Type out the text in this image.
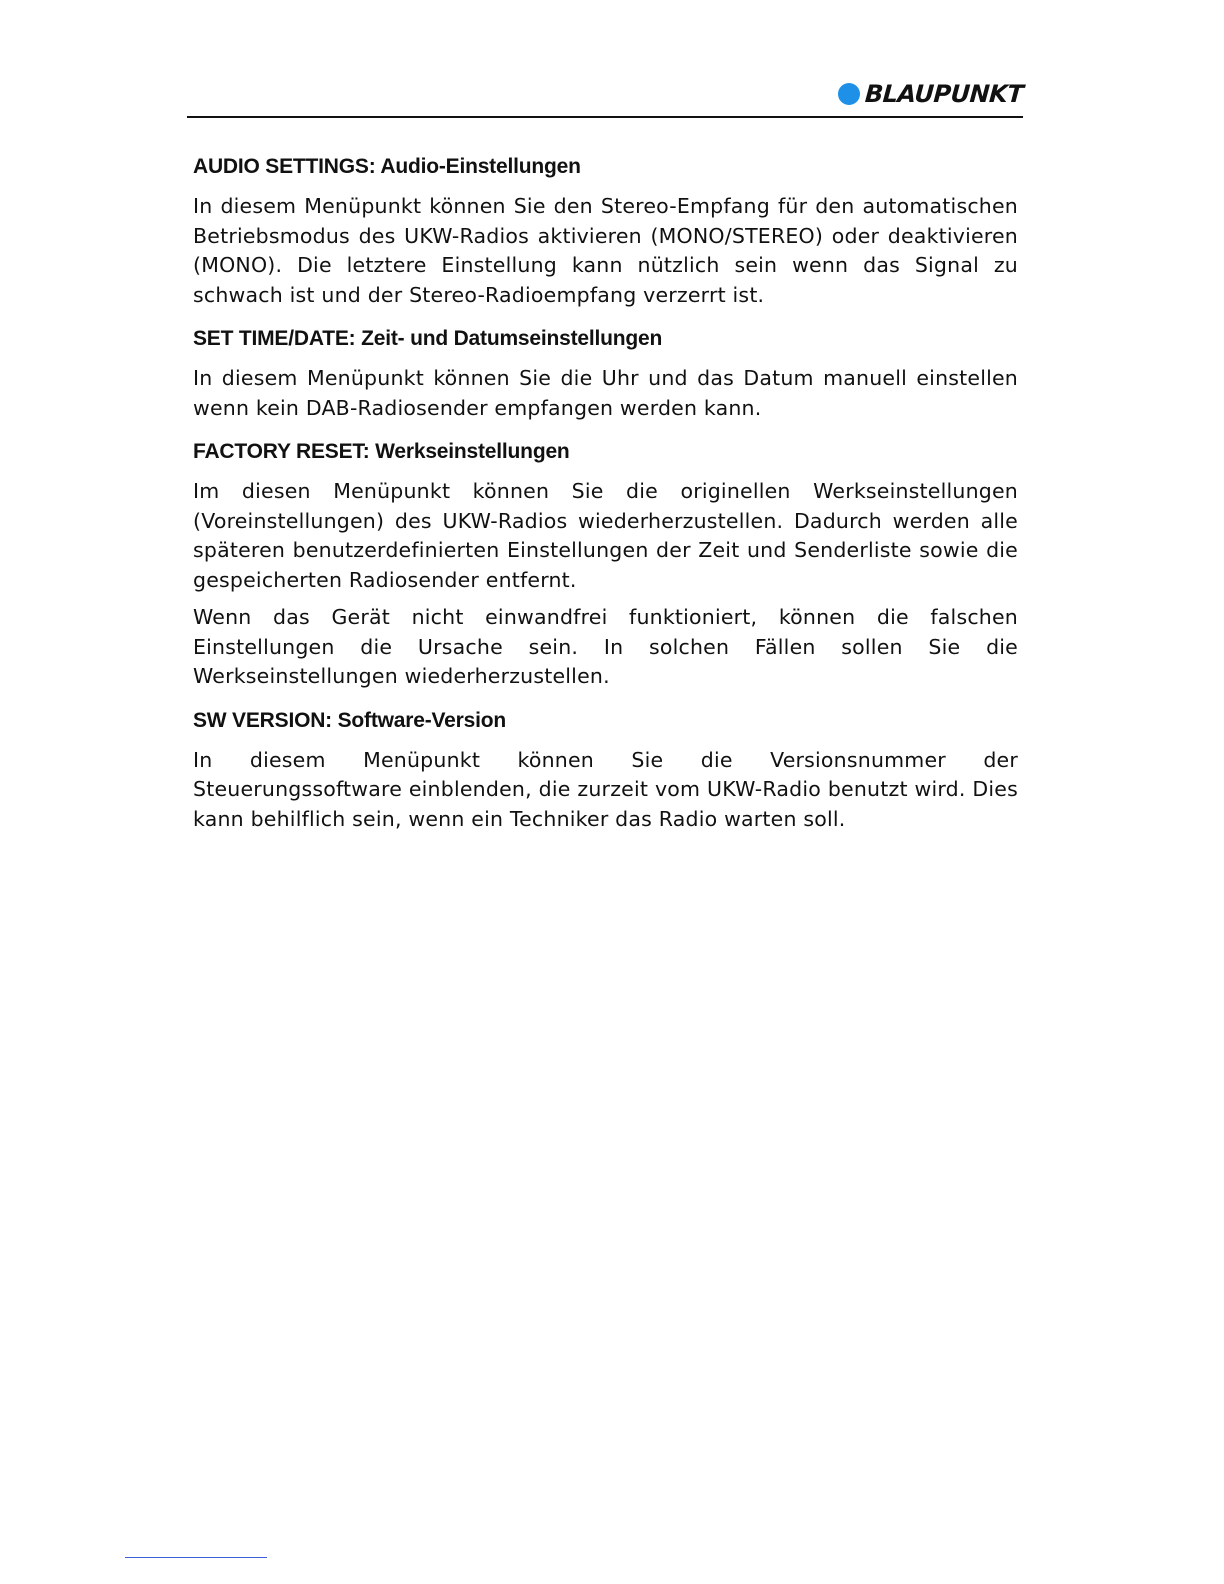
BLAUPUNKT
AUDIO SETTINGS: Audio-Einstellungen

In diesem Menüpunkt können Sie den Stereo-Empfang für den automatischen Betriebsmodus des UKW-Radios aktivieren (MONO/STEREO) oder deaktivieren (MONO). Die letztere Einstellung kann nützlich sein wenn das Signal zu schwach ist und der Stereo-Radioempfang verzerrt ist.

SET TIME/DATE: Zeit- und Datumseinstellungen

In diesem Menüpunkt können Sie die Uhr und das Datum manuell einstellen wenn kein DAB-Radiosender empfangen werden kann.

FACTORY RESET: Werkseinstellungen

Im diesen Menüpunkt können Sie die originellen Werkseinstellungen (Voreinstellungen) des UKW-Radios wiederherzustellen. Dadurch werden alle späteren benutzerdefinierten Einstellungen der Zeit und Senderliste sowie die gespeicherten Radiosender entfernt.

Wenn das Gerät nicht einwandfrei funktioniert, können die falschen Einstellungen die Ursache sein. In solchen Fällen sollen Sie die Werkseinstellungen wiederherzustellen.

SW VERSION: Software-Version

In diesem Menüpunkt können Sie die Versionsnummer der Steuerungssoftware einblenden, die zurzeit vom UKW-Radio benutzt wird. Dies kann behilflich sein, wenn ein Techniker das Radio warten soll.
